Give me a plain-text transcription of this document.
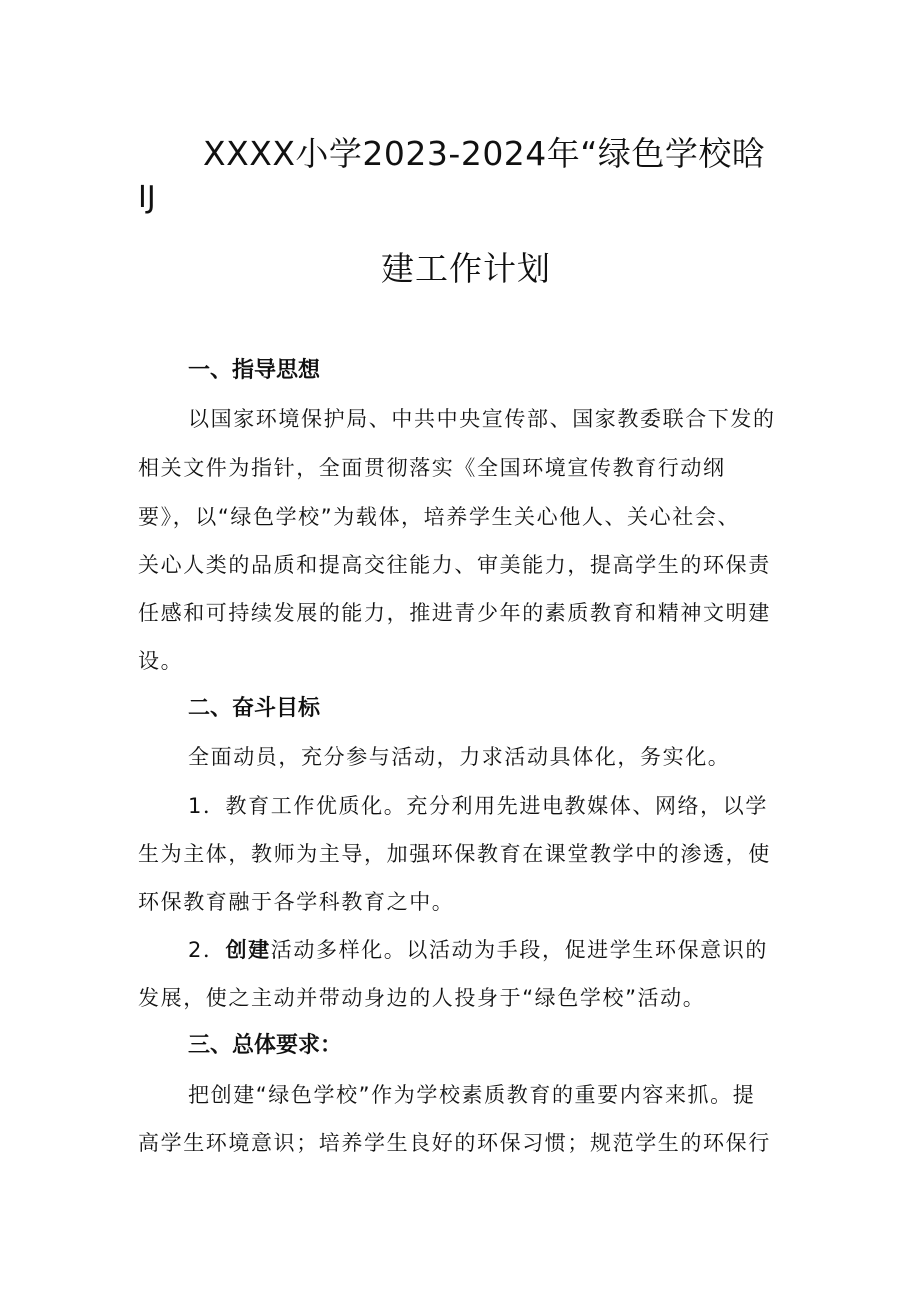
XXXX小学2023-2024年“绿色学校晗
IJ
建工作计划
一、指导思想
以国家环境保护局、中共中央宣传部、国家教委联合下发的
相关文件为指针，全面贯彻落实《全国环境宣传教育行动纲
要》，以“绿色学校”为载体，培养学生关心他人、关心社会、
关心人类的品质和提高交往能力、审美能力，提高学生的环保责
任感和可持续发展的能力，推进青少年的素质教育和精神文明建
设。
二、奋斗目标
全面动员，充分参与活动，力求活动具体化，务实化。
1．教育工作优质化。充分利用先进电教媒体、网络，以学
生为主体，教师为主导，加强环保教育在课堂教学中的渗透，使
环保教育融于各学科教育之中。
2．创建活动多样化。以活动为手段，促进学生环保意识的
发展，使之主动并带动身边的人投身于“绿色学校”活动。
三、总体要求：
把创建“绿色学校”作为学校素质教育的重要内容来抓。提
高学生环境意识；培养学生良好的环保习惯；规范学生的环保行
